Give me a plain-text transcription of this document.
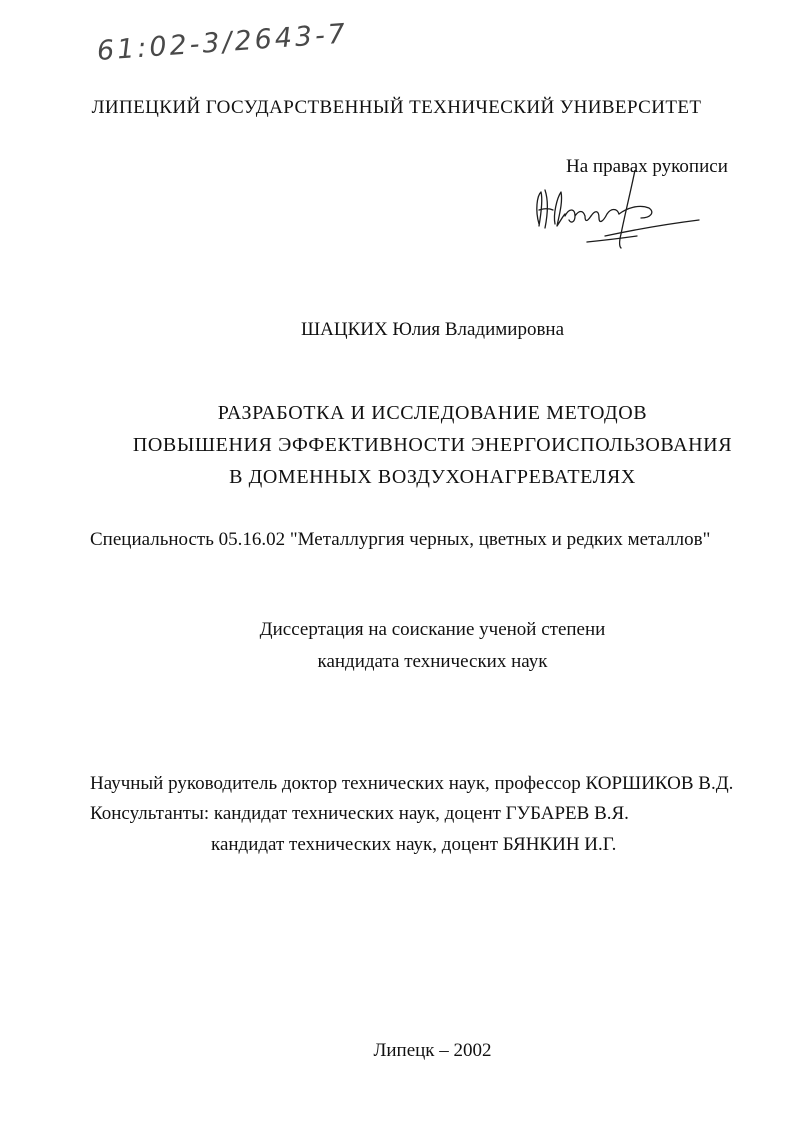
61:02-3/2643-7
ЛИПЕЦКИЙ ГОСУДАРСТВЕННЫЙ ТЕХНИЧЕСКИЙ УНИВЕРСИТЕТ
На правах рукописи
ШАЦКИХ Юлия Владимировна
РАЗРАБОТКА И ИССЛЕДОВАНИЕ МЕТОДОВ
ПОВЫШЕНИЯ ЭФФЕКТИВНОСТИ ЭНЕРГОИСПОЛЬЗОВАНИЯ
В ДОМЕННЫХ ВОЗДУХОНАГРЕВАТЕЛЯХ
Специальность 05.16.02 "Металлургия черных, цветных и редких металлов"
Диссертация на соискание ученой степени
кандидата технических наук
Научный руководитель доктор технических наук, профессор КОРШИКОВ В.Д.
Консультанты: кандидат технических наук, доцент ГУБАРЕВ В.Я.
кандидат технических наук, доцент БЯНКИН И.Г.
Липецк – 2002
